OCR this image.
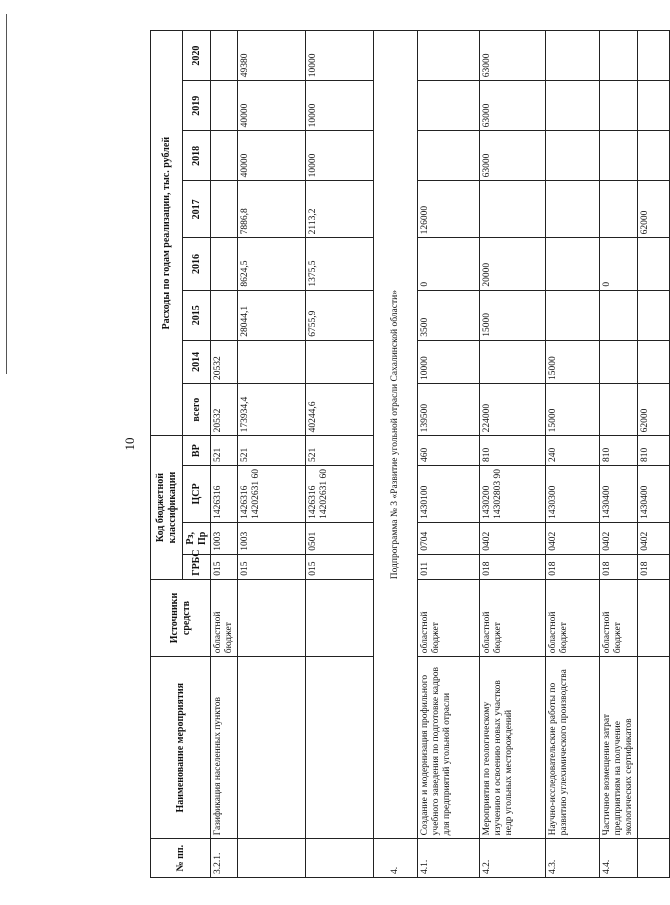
10
№ пп.	Наименование мероприятия	Источники средств	Код бюджетной классификации				Расходы по годам реализации, тыс. рублей							
			ГРБС	Рз, Пр	ЦСР	ВР	всего	2014	2015	2016	2017	2018	2019	2020
3.2.1.	Газификация населенных пунктов	областной бюджет	015	1003	1426316	521	20532	20532						
			015	1003	1426316 14202631 60	521	173934,4		28044,1	8624,5	7886,8	40000	40000	49380
			015	0501	1426316 14202631 60	521	40244,6		6755,9	1375,5	2113,2	10000	10000	10000
4.	Подпрограмма № 3 «Развитие угольной отрасли Сахалинской области»													
4.1.	Создание и модернизация профильного учебного заведения по подготовке кадров для предприятий угольной отрасли	областной бюджет	011	0704	1430100	460	139500	10000	3500	0	126000			
4.2.	Мероприятия по геологическому изучению и освоению новых участков недр угольных месторождений	областной бюджет	018	0402	1430200 14302803 90	810	224000		15000	20000		63000	63000	63000
4.3.	Научно-исследовательские работы по развитию углехимического производства	областной бюджет	018	0402	1430300	240	15000	15000						
4.4.	Частичное возмещение затрат предприятиям на получение экологических сертификатов	областной бюджет	018	0402	1430400	810				0				
			018	0402	1430400	810	62000				62000			
